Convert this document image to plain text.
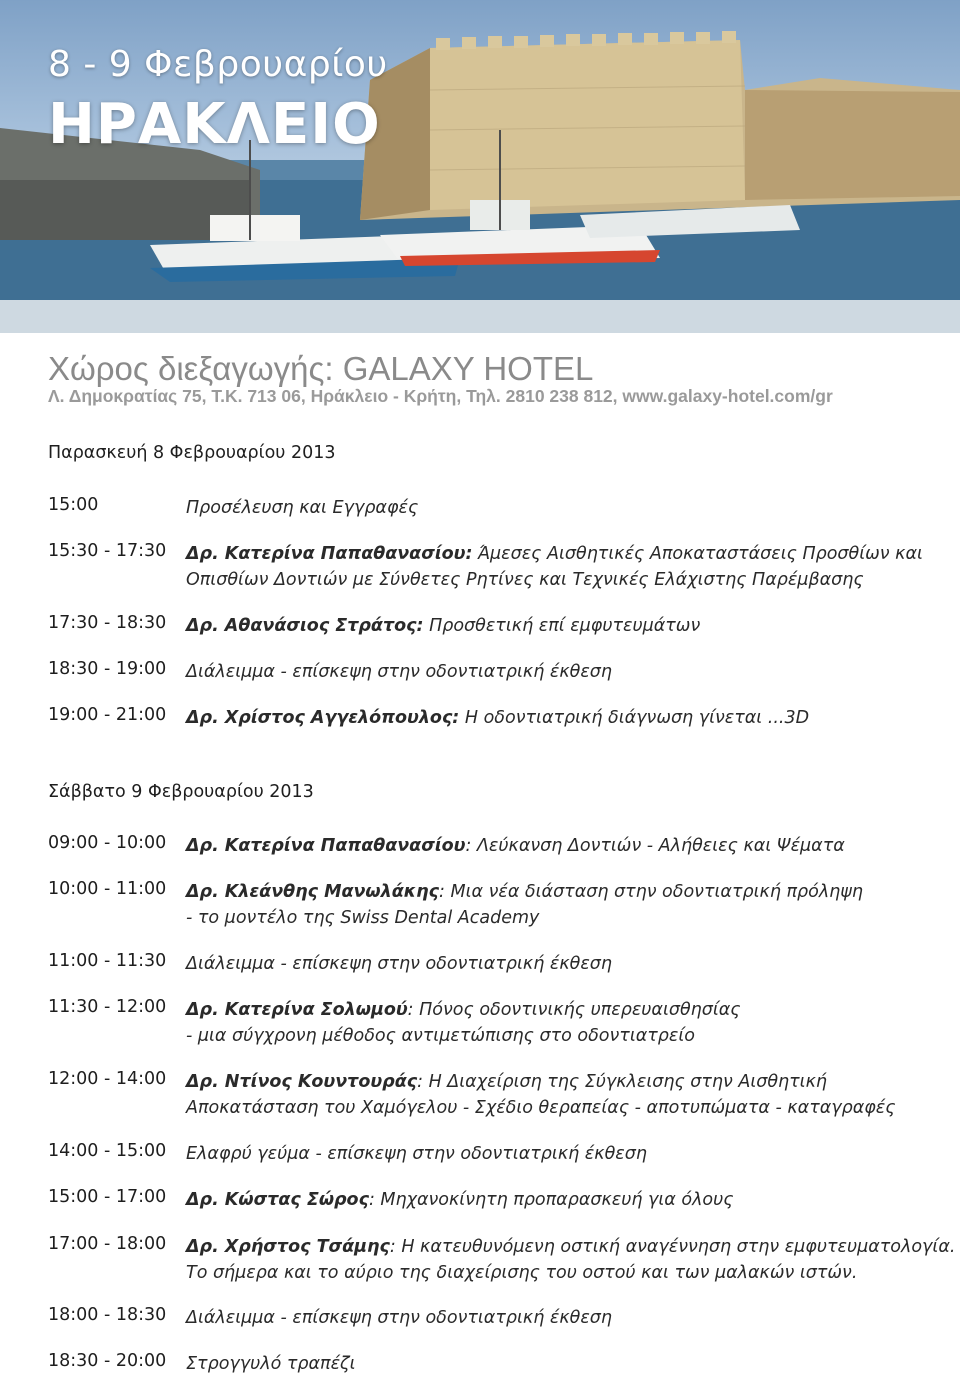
8 - 9 Φεβρουαρίου
ΗΡΑΚΛΕΙΟ
Χώρος διεξαγωγής: GALAXY HOTEL
Λ. Δημοκρατίας 75, Τ.Κ. 713 06, Ηράκλειο - Κρήτη, Τηλ. 2810 238 812, www.galaxy-hotel.com/gr
Παρασκευή 8 Φεβρουαρίου 2013
15:00	Προσέλευση και Εγγραφές
15:30 - 17:30 Δρ. Κατερίνα Παπαθανασίου: Άμεσες Αισθητικές Αποκαταστάσεις Προσθίων και
Οπισθίων Δοντιών με Σύνθετες Ρητίνες και Τεχνικές Ελάχιστης Παρέμβασης
17:30 - 18:30 Δρ. Αθανάσιος Στράτος: Προσθετική επί εμφυτευμάτων
18:30 - 19:00 Διάλειμμα - επίσκεψη στην οδοντιατρική έκθεση
19:00 - 21:00 Δρ. Χρίστος Αγγελόπουλος: Η οδοντιατρική διάγνωση γίνεται ...3D
Σάββατο 9 Φεβρουαρίου 2013
09:00 - 10:00 Δρ. Κατερίνα Παπαθανασίου: Λεύκανση Δοντιών - Αλήθειες και Ψέματα
10:00 - 11:00 Δρ. Κλεάνθης Μανωλάκης: Μια νέα διάσταση στην οδοντιατρική πρόληψη
- το μοντέλο της Swiss Dental Academy
11:00 - 11:30 Διάλειμμα - επίσκεψη στην οδοντιατρική έκθεση
11:30 - 12:00 Δρ. Κατερίνα Σολωμού: Πόνος οδοντινικής υπερευαισθησίας
- μια σύγχρονη μέθοδος αντιμετώπισης στο οδοντιατρείο
12:00 - 14:00 Δρ. Ντίνος Κουντουράς: Η Διαχείριση της Σύγκλεισης στην Αισθητική
Αποκατάσταση του Χαμόγελου - Σχέδιο θεραπείας - αποτυπώματα - καταγραφές
14:00 - 15:00 Ελαφρύ γεύμα - επίσκεψη στην οδοντιατρική έκθεση
15:00 - 17:00 Δρ. Κώστας Σώρος: Μηχανοκίνητη προπαρασκευή για όλους
17:00 - 18:00 Δρ. Χρήστος Τσάμης: Η κατευθυνόμενη οστική αναγέννηση στην εμφυτευματολογία.
Το σήμερα και το αύριο της διαχείρισης του οστού και των μαλακών ιστών.
18:00 - 18:30 Διάλειμμα - επίσκεψη στην οδοντιατρική έκθεση
18:30 - 20:00 Στρογγυλό τραπέζι
